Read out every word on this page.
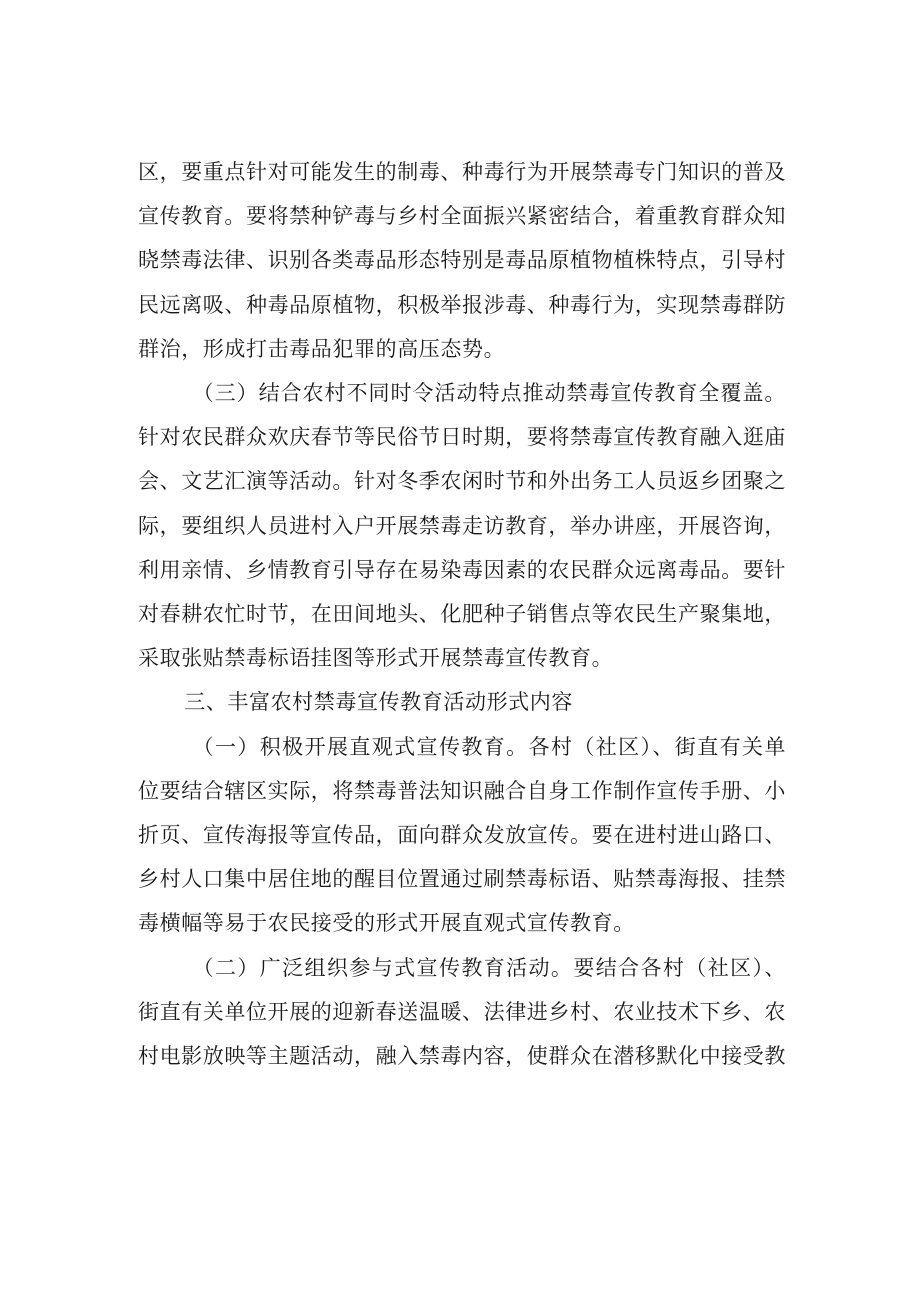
区，要重点针对可能发生的制毒、种毒行为开展禁毒专门知识的普及宣传教育。要将禁种铲毒与乡村全面振兴紧密结合，着重教育群众知晓禁毒法律、识别各类毒品形态特别是毒品原植物植株特点，引导村民远离吸、种毒品原植物，积极举报涉毒、种毒行为，实现禁毒群防群治，形成打击毒品犯罪的高压态势。

（三）结合农村不同时令活动特点推动禁毒宣传教育全覆盖。针对农民群众欢庆春节等民俗节日时期，要将禁毒宣传教育融入逛庙会、文艺汇演等活动。针对冬季农闲时节和外出务工人员返乡团聚之际，要组织人员进村入户开展禁毒走访教育，举办讲座，开展咨询，利用亲情、乡情教育引导存在易染毒因素的农民群众远离毒品。要针对春耕农忙时节，在田间地头、化肥种子销售点等农民生产聚集地，采取张贴禁毒标语挂图等形式开展禁毒宣传教育。

三、丰富农村禁毒宣传教育活动形式内容

（一）积极开展直观式宣传教育。各村（社区）、街直有关单位要结合辖区实际，将禁毒普法知识融合自身工作制作宣传手册、小折页、宣传海报等宣传品，面向群众发放宣传。要在进村进山路口、乡村人口集中居住地的醒目位置通过刷禁毒标语、贴禁毒海报、挂禁毒横幅等易于农民接受的形式开展直观式宣传教育。

（二）广泛组织参与式宣传教育活动。要结合各村（社区）、街直有关单位开展的迎新春送温暖、法律进乡村、农业技术下乡、农村电影放映等主题活动，融入禁毒内容，使群众在潜移默化中接受教
